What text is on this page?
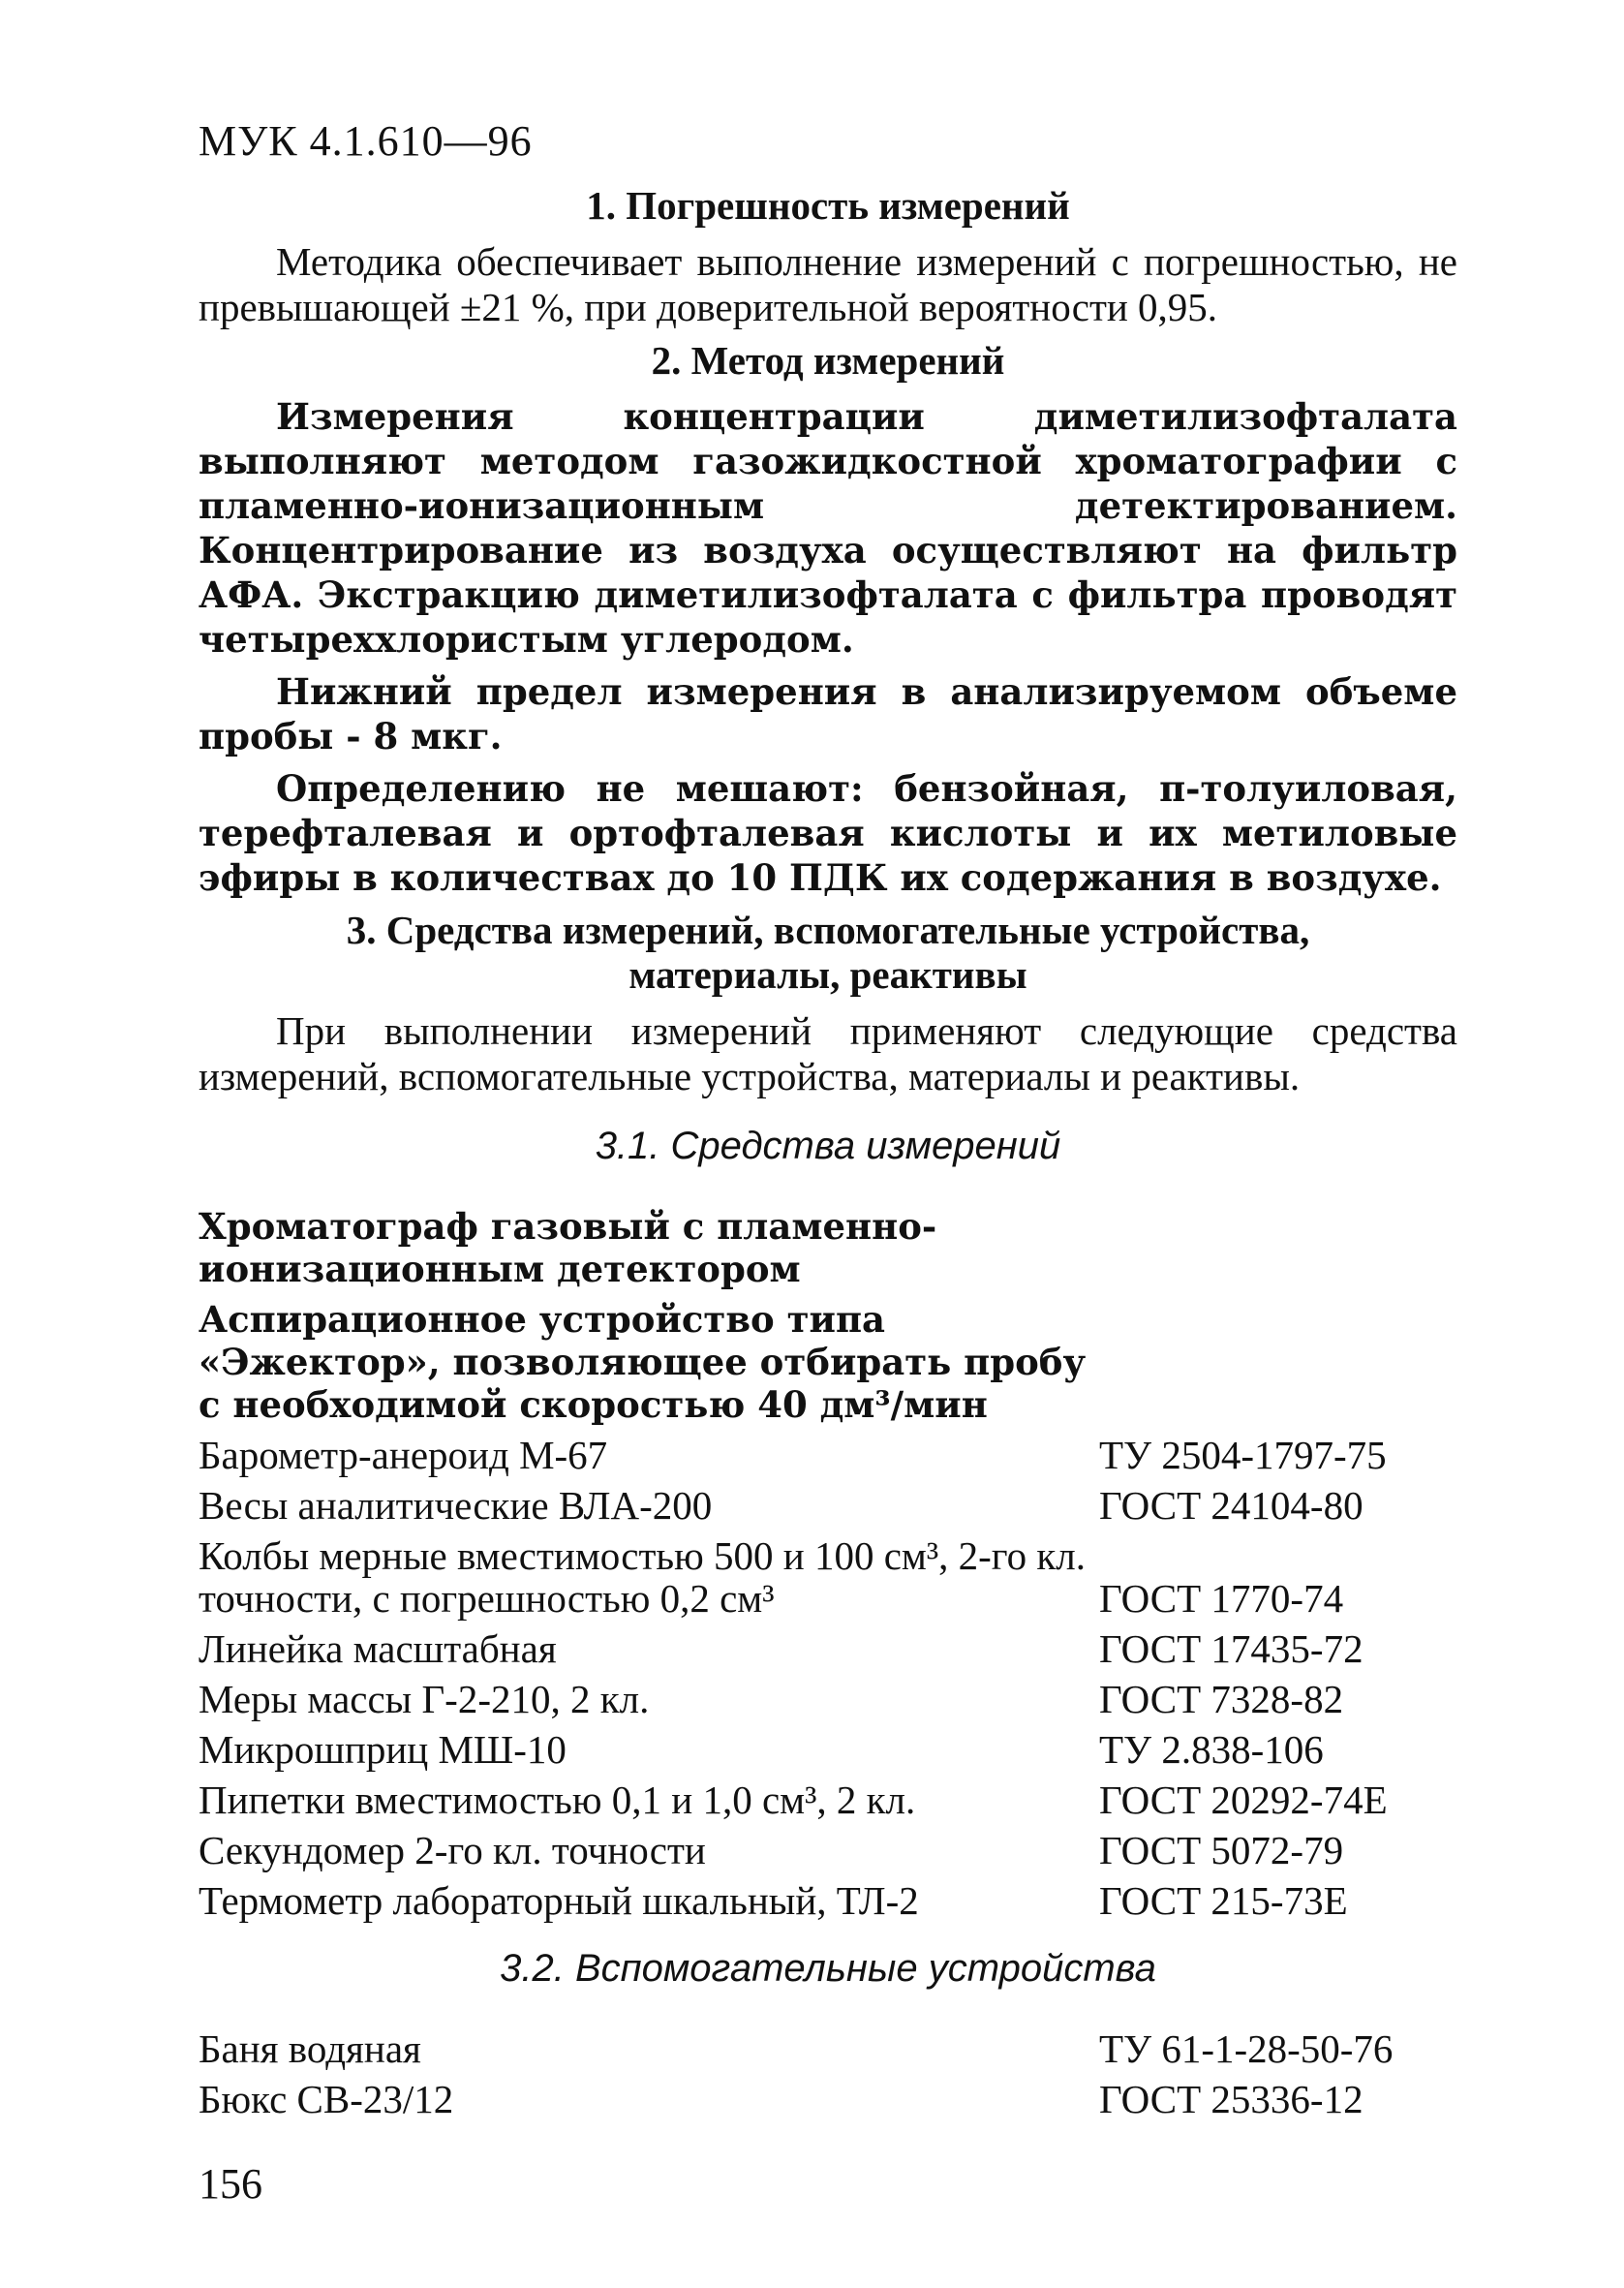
МУК 4.1.610—96
1. Погрешность измерений

Методика обеспечивает выполнение измерений с погрешностью, не превышающей ±21 %, при доверительной вероятности 0,95.

2. Метод измерений

Измерения концентрации диметилизофталата выполняют методом газожидкостной хроматографии с пламенно-ионизационным детектированием. Концентрирование из воздуха осуществляют на фильтр АФА. Экстракцию диметилизофталата с фильтра проводят четыреххлористым углеродом.

Нижний предел измерения в анализируемом объеме пробы - 8 мкг.

Определению не мешают: бензойная, п-толуиловая, терефталевая и ортофталевая кислоты и их метиловые эфиры в количествах до 10 ПДК их содержания в воздухе.

3. Средства измерений, вспомогательные устройства,
материалы, реактивы

При выполнении измерений применяют следующие средства измерений, вспомогательные устройства, материалы и реактивы.

3.1. Средства измерений
Хроматограф газовый с пламенно-ионизационным детектором	
Аспирационное устройство типа «Эжектор», позволяющее отбирать пробу с необходимой скоростью 40 дм³/мин	
Барометр-анероид М-67	ТУ 2504-1797-75
Весы аналитические ВЛА-200	ГОСТ 24104-80
Колбы мерные вместимостью 500 и 100 см³, 2-го кл. точности, с погрешностью 0,2 см³	ГОСТ 1770-74
Линейка масштабная	ГОСТ 17435-72
Меры массы Г-2-210, 2 кл.	ГОСТ 7328-82
Микрошприц МШ-10	ТУ 2.838-106
Пипетки вместимостью 0,1 и 1,0 см³, 2 кл.	ГОСТ 20292-74Е
Секундомер 2-го кл. точности	ГОСТ 5072-79
Термометр лабораторный шкальный, ТЛ-2	ГОСТ 215-73Е
3.2. Вспомогательные устройства
Баня водяная	ТУ 61-1-28-50-76
Бюкс СВ-23/12	ГОСТ 25336-12
156
